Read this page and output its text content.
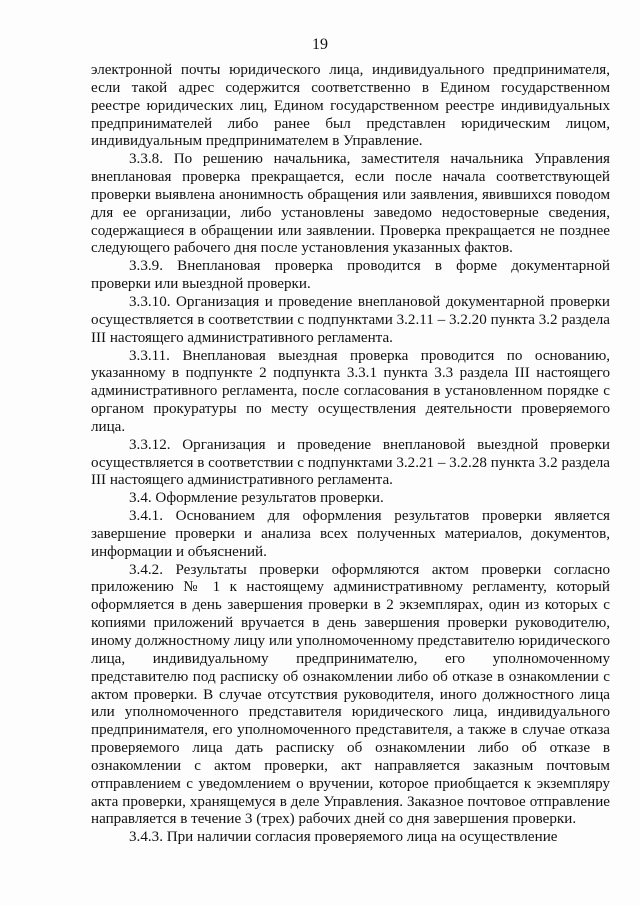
19

электронной почты юридического лица, индивидуального предпринимателя, если такой адрес содержится соответственно в Едином государственном реестре юридических лиц, Едином государственном реестре индивидуальных предпринимателей либо ранее был представлен юридическим лицом, индивидуальным предпринимателем в Управление.

3.3.8. По решению начальника, заместителя начальника Управления внеплановая проверка прекращается, если после начала соответствующей проверки выявлена анонимность обращения или заявления, явившихся поводом для ее организации, либо установлены заведомо недостоверные сведения, содержащиеся в обращении или заявлении. Проверка прекращается не позднее следующего рабочего дня после установления указанных фактов.

3.3.9. Внеплановая проверка проводится в форме документарной проверки или выездной проверки.

3.3.10. Организация и проведение внеплановой документарной проверки осуществляется в соответствии с подпунктами 3.2.11 – 3.2.20 пункта 3.2 раздела III настоящего административного регламента.

3.3.11. Внеплановая выездная проверка проводится по основанию, указанному в подпункте 2 подпункта 3.3.1 пункта 3.3 раздела III настоящего административного регламента, после согласования в установленном порядке с органом прокуратуры по месту осуществления деятельности проверяемого лица.

3.3.12. Организация и проведение внеплановой выездной проверки осуществляется в соответствии с подпунктами 3.2.21 – 3.2.28 пункта 3.2 раздела III настоящего административного регламента.

3.4. Оформление результатов проверки.

3.4.1. Основанием для оформления результатов проверки является завершение проверки и анализа всех полученных материалов, документов, информации и объяснений.

3.4.2. Результаты проверки оформляются актом проверки согласно приложению № 1 к настоящему административному регламенту, который оформляется в день завершения проверки в 2 экземплярах, один из которых с копиями приложений вручается в день завершения проверки руководителю, иному должностному лицу или уполномоченному представителю юридического лица, индивидуальному предпринимателю, его уполномоченному представителю под расписку об ознакомлении либо об отказе в ознакомлении с актом проверки. В случае отсутствия руководителя, иного должностного лица или уполномоченного представителя юридического лица, индивидуального предпринимателя, его уполномоченного представителя, а также в случае отказа проверяемого лица дать расписку об ознакомлении либо об отказе в ознакомлении с актом проверки, акт направляется заказным почтовым отправлением с уведомлением о вручении, которое приобщается к экземпляру акта проверки, хранящемуся в деле Управления. Заказное почтовое отправление направляется в течение 3 (трех) рабочих дней со дня завершения проверки.

3.4.3. При наличии согласия проверяемого лица на осуществление
